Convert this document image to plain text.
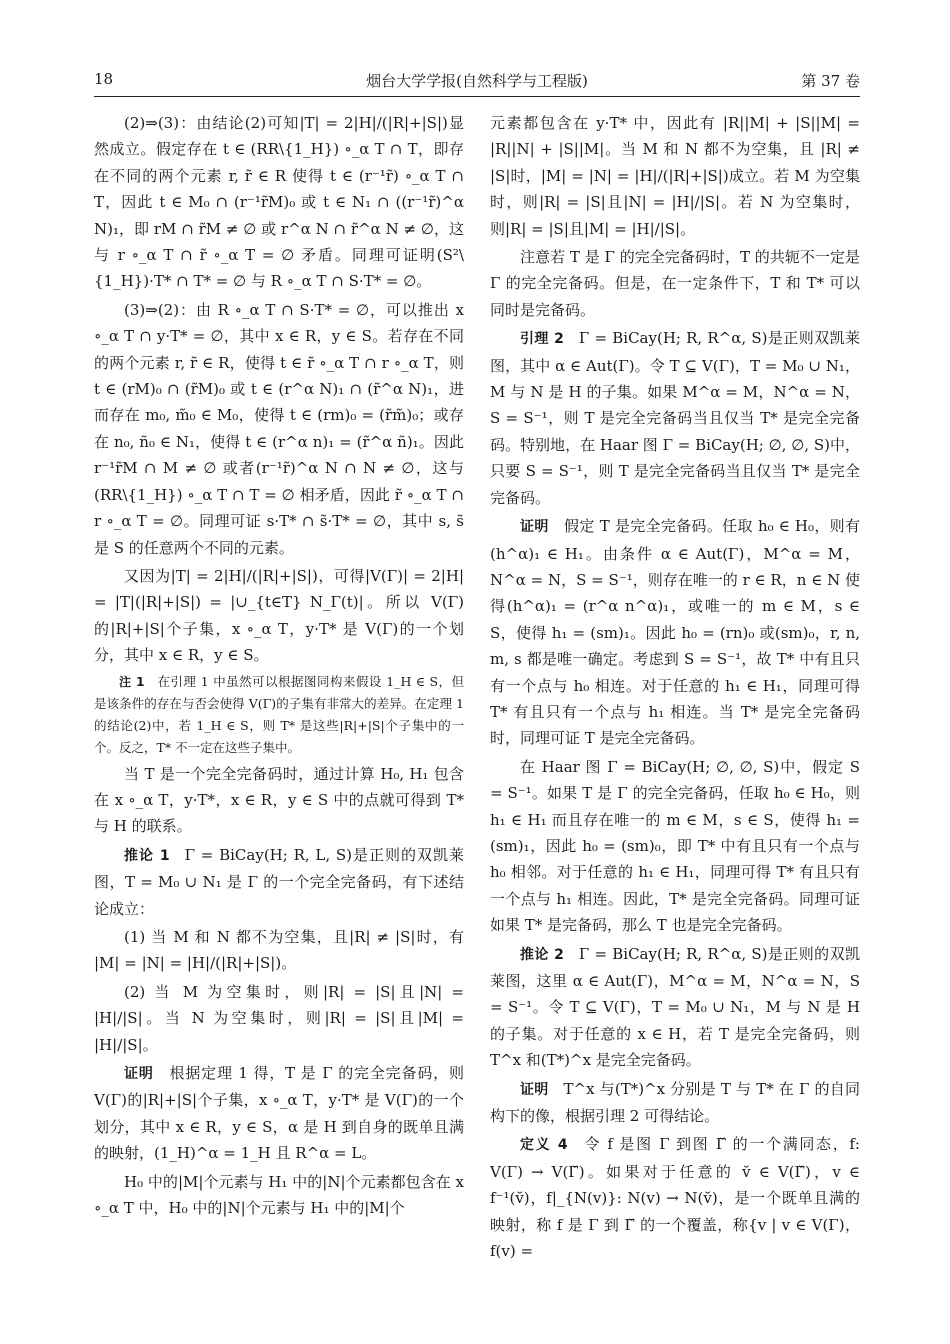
18	烟台大学学报(自然科学与工程版)	第 37 卷

(2)⇒(3)：由结论(2)可知|T| = 2|H|/(|R|+|S|)显然成立。假定存在 t ∈ (RR\{1_H}) ∘_α T ∩ T，即存在不同的两个元素 r, r̃ ∈ R 使得 t ∈ (r⁻¹r̃) ∘_α T ∩ T，因此 t ∈ M₀ ∩ (r⁻¹r̃M)₀ 或 t ∈ N₁ ∩ ((r⁻¹r̃)^α N)₁，即 rM ∩ r̃M ≠ ∅ 或 r^α N ∩ r̃^α N ≠ ∅，这与 r ∘_α T ∩ r̃ ∘_α T = ∅ 矛盾。同理可证明(S²\{1_H})·T* ∩ T* = ∅ 与 R ∘_α T ∩ S·T* = ∅。

(3)⇒(2)：由 R ∘_α T ∩ S·T* = ∅，可以推出 x ∘_α T ∩ y·T* = ∅，其中 x ∈ R，y ∈ S。若存在不同的两个元素 r, r̃ ∈ R，使得 t ∈ r̃ ∘_α T ∩ r ∘_α T，则 t ∈ (rM)₀ ∩ (r̃M)₀ 或 t ∈ (r^α N)₁ ∩ (r̃^α N)₁，进而存在 m₀, m̃₀ ∈ M₀，使得 t ∈ (rm)₀ = (r̃m̃)₀；或存在 n₀, ñ₀ ∈ N₁，使得 t ∈ (r^α n)₁ = (r̃^α ñ)₁。因此 r⁻¹r̃M ∩ M ≠ ∅ 或者(r⁻¹r̃)^α N ∩ N ≠ ∅，这与(RR\{1_H}) ∘_α T ∩ T = ∅ 相矛盾，因此 r̃ ∘_α T ∩ r ∘_α T = ∅。同理可证 s·T* ∩ s̃·T* = ∅，其中 s, s̃ 是 S 的任意两个不同的元素。

又因为|T| = 2|H|/(|R|+|S|)，可得|V(Γ)| = 2|H| = |T|(|R|+|S|) = |∪_{t∈T} N_Γ(t)|。所以 V(Γ)的|R|+|S|个子集，x ∘_α T，y·T* 是 V(Γ)的一个划分，其中 x ∈ R，y ∈ S。

注 1  在引理 1 中虽然可以根据图同构来假设 1_H ∈ S，但是该条件的存在与否会使得 V(Γ)的子集有非常大的差异。在定理 1 的结论(2)中，若 1_H ∈ S，则 T* 是这些|R|+|S|个子集中的一个。反之，T* 不一定在这些子集中。

当 T 是一个完全完备码时，通过计算 H₀, H₁ 包含在 x ∘_α T，y·T*，x ∈ R，y ∈ S 中的点就可得到 T* 与 H 的联系。

推论 1  Γ = BiCay(H; R, L, S)是正则的双凯莱图，T = M₀ ∪ N₁ 是 Γ 的一个完全完备码，有下述结论成立：

(1) 当 M 和 N 都不为空集，且|R| ≠ |S|时，有 |M| = |N| = |H|/(|R|+|S|)。

(2) 当 M 为空集时，则|R| = |S|且|N| = |H|/|S|。当 N 为空集时，则|R| = |S|且|M| = |H|/|S|。

证明  根据定理 1 得，T 是 Γ 的完全完备码，则 V(Γ)的|R|+|S|个子集，x ∘_α T，y·T* 是 V(Γ)的一个划分，其中 x ∈ R，y ∈ S，α 是 H 到自身的既单且满的映射，(1_H)^α = 1_H 且 R^α = L。

H₀ 中的|M|个元素与 H₁ 中的|N|个元素都包含在 x ∘_α T 中，H₀ 中的|N|个元素与 H₁ 中的|M|个

元素都包含在 y·T* 中，因此有 |R||M| + |S||M| = |R||N| + |S||M|。当 M 和 N 都不为空集，且 |R| ≠ |S|时，|M| = |N| = |H|/(|R|+|S|)成立。若 M 为空集时，则|R| = |S|且|N| = |H|/|S|。若 N 为空集时，则|R| = |S|且|M| = |H|/|S|。

注意若 T 是 Γ 的完全完备码时，T 的共轭不一定是 Γ 的完全完备码。但是，在一定条件下，T 和 T* 可以同时是完备码。

引理 2  Γ = BiCay(H; R, R^α, S)是正则双凯莱图，其中 α ∈ Aut(Γ)。令 T ⊆ V(Γ)，T = M₀ ∪ N₁，M 与 N 是 H 的子集。如果 M^α = M，N^α = N，S = S⁻¹，则 T 是完全完备码当且仅当 T* 是完全完备码。特别地，在 Haar 图 Γ = BiCay(H; ∅, ∅, S)中，只要 S = S⁻¹，则 T 是完全完备码当且仅当 T* 是完全完备码。

证明  假定 T 是完全完备码。任取 h₀ ∈ H₀，则有(h^α)₁ ∈ H₁。由条件 α ∈ Aut(Γ)，M^α = M，N^α = N，S = S⁻¹，则存在唯一的 r ∈ R，n ∈ N 使得(h^α)₁ = (r^α n^α)₁，或唯一的 m ∈ M，s ∈ S，使得 h₁ = (sm)₁。因此 h₀ = (rn)₀ 或(sm)₀，r, n, m, s 都是唯一确定。考虑到 S = S⁻¹，故 T* 中有且只有一个点与 h₀ 相连。对于任意的 h₁ ∈ H₁，同理可得 T* 有且只有一个点与 h₁ 相连。当 T* 是完全完备码时，同理可证 T 是完全完备码。

在 Haar 图 Γ = BiCay(H; ∅, ∅, S)中，假定 S = S⁻¹。如果 T 是 Γ 的完全完备码，任取 h₀ ∈ H₀，则 h₁ ∈ H₁ 而且存在唯一的 m ∈ M，s ∈ S，使得 h₁ = (sm)₁，因此 h₀ = (sm)₀，即 T* 中有且只有一个点与 h₀ 相邻。对于任意的 h₁ ∈ H₁，同理可得 T* 有且只有一个点与 h₁ 相连。因此，T* 是完全完备码。同理可证如果 T* 是完备码，那么 T 也是完全完备码。

推论 2  Γ = BiCay(H; R, R^α, S)是正则的双凯莱图，这里 α ∈ Aut(Γ)，M^α = M，N^α = N，S = S⁻¹。令 T ⊆ V(Γ)，T = M₀ ∪ N₁，M 与 N 是 H 的子集。对于任意的 x ∈ H，若 T 是完全完备码，则 T^x 和(T*)^x 是完全完备码。

证明  T^x 与(T*)^x 分别是 T 与 T* 在 Γ 的自同构下的像，根据引理 2 可得结论。

定义 4  令 f 是图 Γ 到图 Γ̆ 的一个满同态，f: V(Γ) → V(Γ̆)。如果对于任意的 v̆ ∈ V(Γ̆)，v ∈ f⁻¹(v̆)，f|_{N(v)}: N(v) → N(v̆)，是一个既单且满的映射，称 f 是 Γ 到 Γ̆ 的一个覆盖，称{v | v ∈ V(Γ)，f(v) =
